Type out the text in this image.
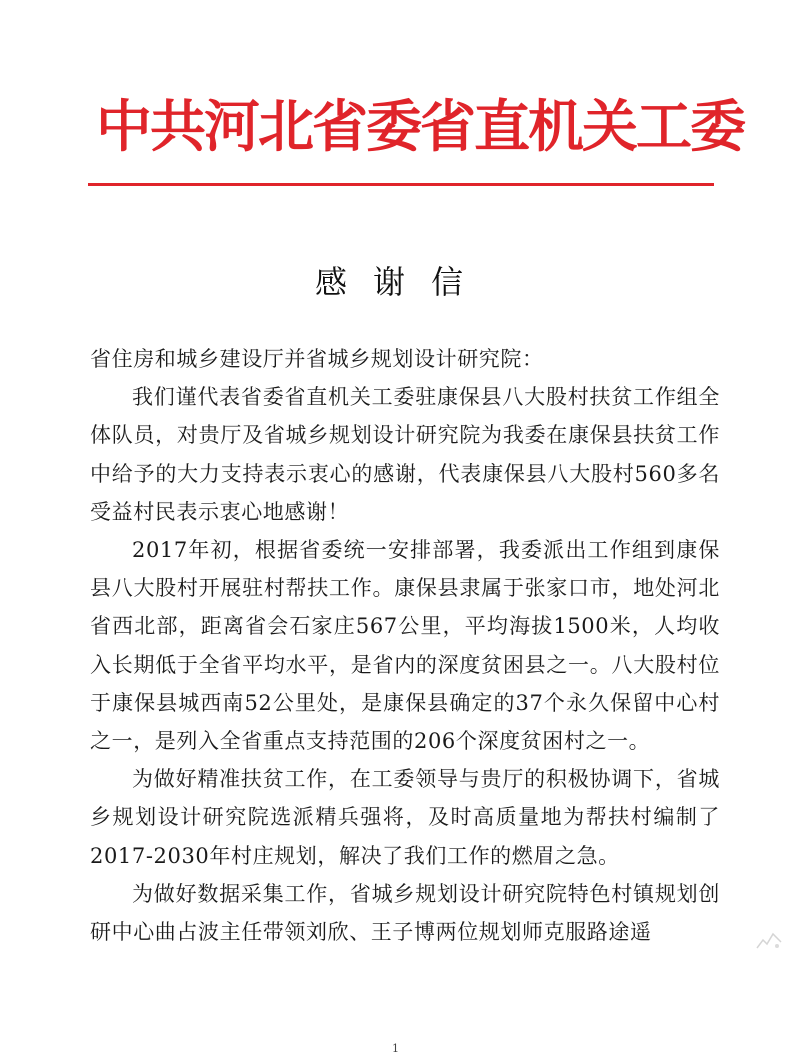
中共河北省委省直机关工委
感谢信

省住房和城乡建设厅并省城乡规划设计研究院：

我们谨代表省委省直机关工委驻康保县八大股村扶贫工作组全体队员，对贵厅及省城乡规划设计研究院为我委在康保县扶贫工作中给予的大力支持表示衷心的感谢，代表康保县八大股村560多名受益村民表示衷心地感谢！

2017年初，根据省委统一安排部署，我委派出工作组到康保县八大股村开展驻村帮扶工作。康保县隶属于张家口市，地处河北省西北部，距离省会石家庄567公里，平均海拔1500米，人均收入长期低于全省平均水平，是省内的深度贫困县之一。八大股村位于康保县城西南52公里处，是康保县确定的37个永久保留中心村之一，是列入全省重点支持范围的206个深度贫困村之一。

为做好精准扶贫工作，在工委领导与贵厅的积极协调下，省城乡规划设计研究院选派精兵强将，及时高质量地为帮扶村编制了2017-2030年村庄规划，解决了我们工作的燃眉之急。

为做好数据采集工作，省城乡规划设计研究院特色村镇规划创研中心曲占波主任带领刘欣、王子博两位规划师克服路途遥

1
